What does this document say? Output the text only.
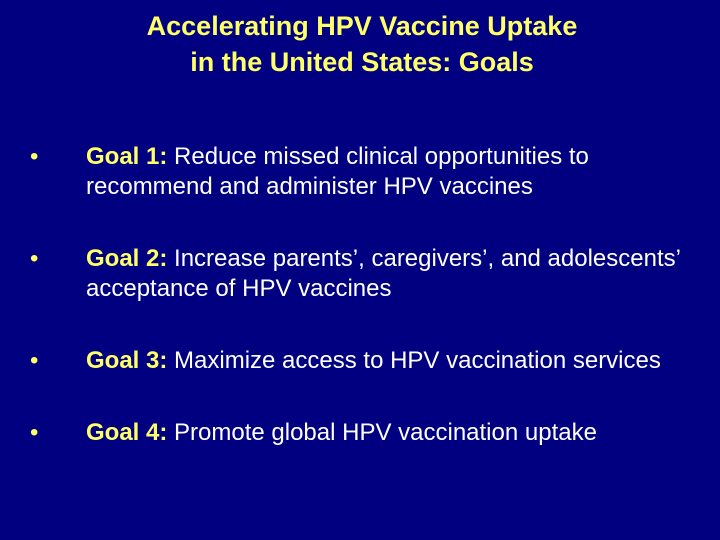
Accelerating HPV Vaccine Uptake
in the United States: Goals
•	Goal 1: Reduce missed clinical opportunities to recommend and administer HPV vaccines
•	Goal 2: Increase parents’, caregivers’, and adolescents’ acceptance of HPV vaccines
•	Goal 3: Maximize access to HPV vaccination services
•	Goal 4: Promote global HPV vaccination uptake
